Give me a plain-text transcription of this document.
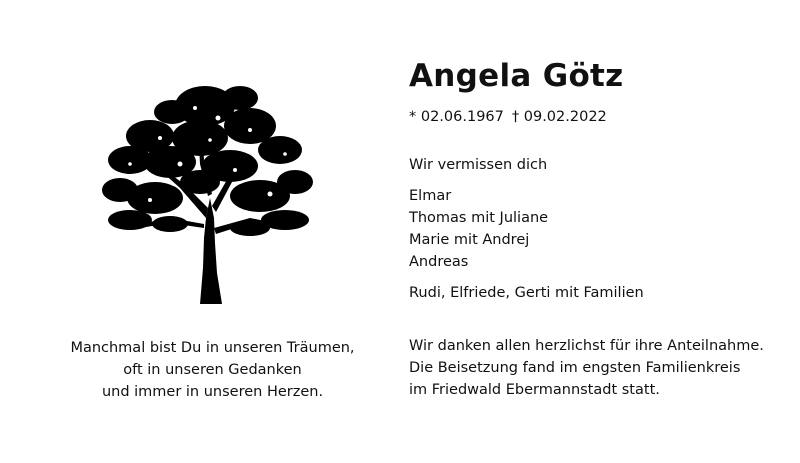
Manchmal bist Du in unseren Träumen,
oft in unseren Gedanken
und immer in unseren Herzen.
Angela Götz
* 02.06.1967 † 09.02.2022
Wir vermissen dich
Elmar
Thomas mit Juliane
Marie mit Andrej
Andreas
Rudi, Elfriede, Gerti mit Familien
Wir danken allen herzlichst für ihre Anteilnahme.
Die Beisetzung fand im engsten Familienkreis
im Friedwald Ebermannstadt statt.
